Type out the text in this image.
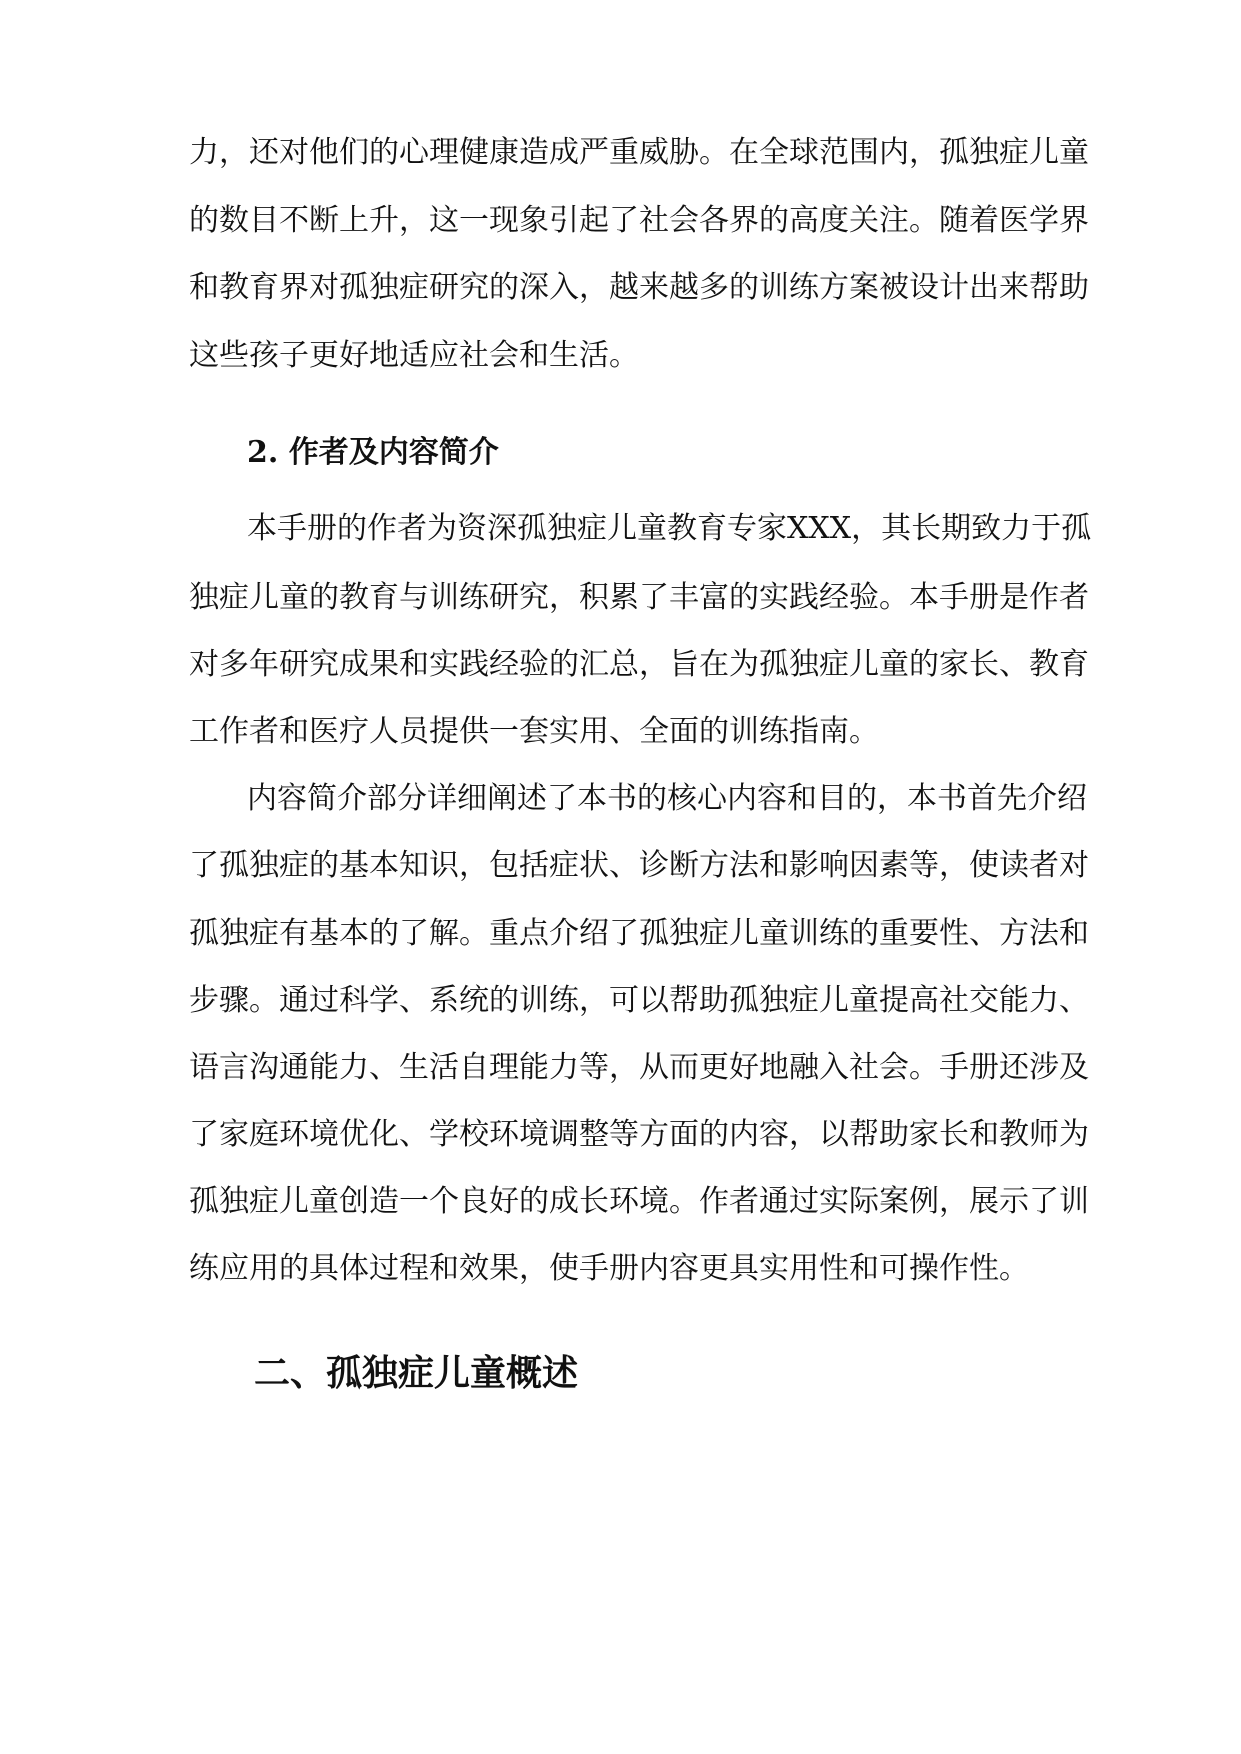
力，还对他们的心理健康造成严重威胁。在全球范围内，孤独症儿童

的数目不断上升，这一现象引起了社会各界的高度关注。随着医学界

和教育界对孤独症研究的深入，越来越多的训练方案被设计出来帮助

这些孩子更好地适应社会和生活。

2. 作者及内容简介

本手册的作者为资深孤独症儿童教育专家XXX，其长期致力于孤

独症儿童的教育与训练研究，积累了丰富的实践经验。本手册是作者

对多年研究成果和实践经验的汇总，旨在为孤独症儿童的家长、教育

工作者和医疗人员提供一套实用、全面的训练指南。

内容简介部分详细阐述了本书的核心内容和目的，本书首先介绍

了孤独症的基本知识，包括症状、诊断方法和影响因素等，使读者对

孤独症有基本的了解。重点介绍了孤独症儿童训练的重要性、方法和

步骤。通过科学、系统的训练，可以帮助孤独症儿童提高社交能力、

语言沟通能力、生活自理能力等，从而更好地融入社会。手册还涉及

了家庭环境优化、学校环境调整等方面的内容，以帮助家长和教师为

孤独症儿童创造一个良好的成长环境。作者通过实际案例，展示了训

练应用的具体过程和效果，使手册内容更具实用性和可操作性。

二、孤独症儿童概述
